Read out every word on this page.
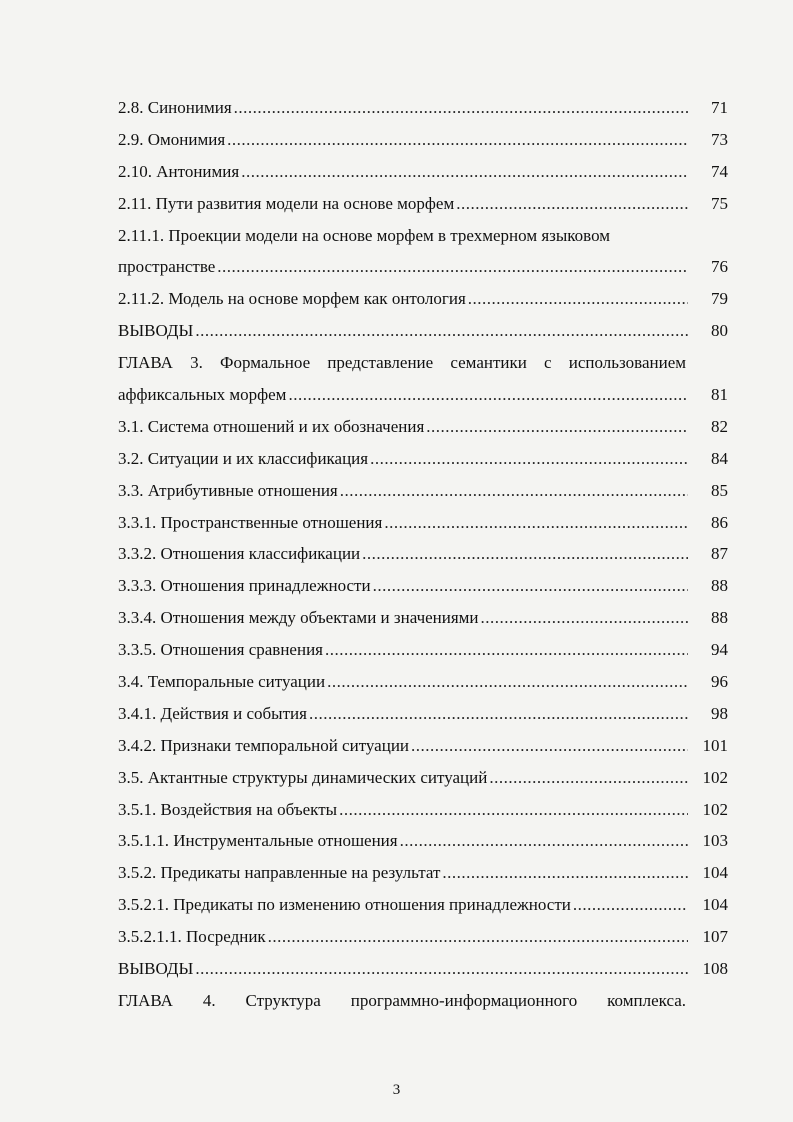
2.8. Синонимия .....	71
2.9. Омонимия .....	73
2.10. Антонимия .....	74
2.11. Пути развития модели на основе морфем .....	75
2.11.1. Проекции модели на основе морфем в трехмерном языковом
пространстве .....	76
2.11.2. Модель на основе морфем как онтология .....	79
ВЫВОДЫ .....	80
ГЛАВА 3. Формальное представление семантики с использованием
аффиксальных морфем .....	81
3.1. Система отношений и их обозначения .....	82
3.2. Ситуации и их классификация .....	84
3.3. Атрибутивные отношения .....	85
3.3.1. Пространственные отношения .....	86
3.3.2. Отношения классификации .....	87
3.3.3. Отношения принадлежности .....	88
3.3.4. Отношения между объектами и значениями .....	88
3.3.5. Отношения сравнения .....	94
3.4. Темпоральные ситуации .....	96
3.4.1. Действия и события .....	98
3.4.2. Признаки темпоральной ситуации .....	101
3.5. Актантные структуры динамических ситуаций .....	102
3.5.1. Воздействия на объекты .....	102
3.5.1.1. Инструментальные отношения .....	103
3.5.2. Предикаты направленные на результат .....	104
3.5.2.1. Предикаты по изменению отношения принадлежности .....	104
3.5.2.1.1. Посредник .....	107
ВЫВОДЫ .....	108
ГЛАВА 4. Структура программно-информационного комплекса.
3
